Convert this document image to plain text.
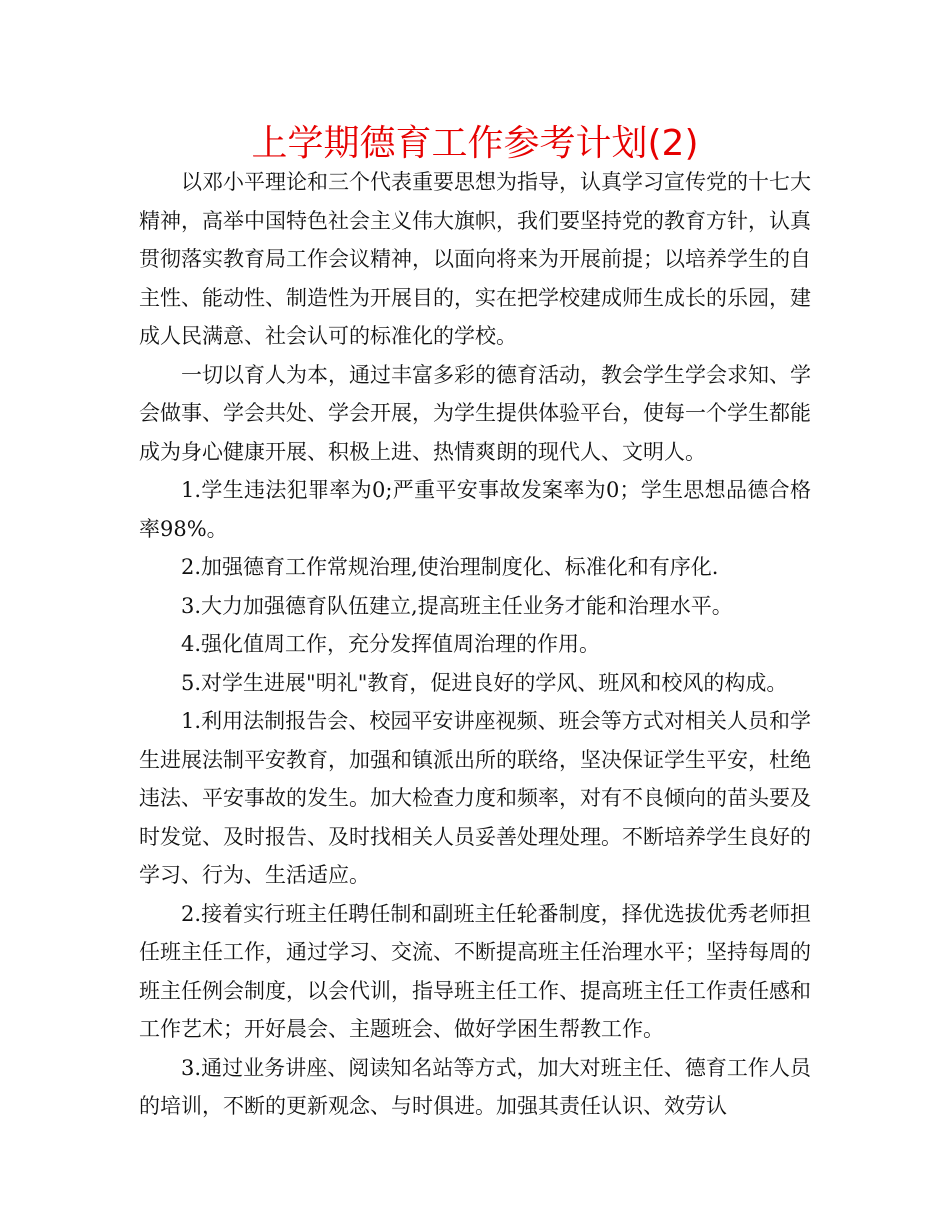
上学期德育工作参考计划(2)

以邓小平理论和三个代表重要思想为指导，认真学习宣传党的十七大精神，高举中国特色社会主义伟大旗帜，我们要坚持党的教育方针，认真贯彻落实教育局工作会议精神，以面向将来为开展前提；以培养学生的自主性、能动性、制造性为开展目的，实在把学校建成师生成长的乐园，建成人民满意、社会认可的标准化的学校。

一切以育人为本，通过丰富多彩的德育活动，教会学生学会求知、学会做事、学会共处、学会开展，为学生提供体验平台，使每一个学生都能成为身心健康开展、积极上进、热情爽朗的现代人、文明人。

1.学生违法犯罪率为0;严重平安事故发案率为0；学生思想品德合格率98%。

2.加强德育工作常规治理,使治理制度化、标准化和有序化.

3.大力加强德育队伍建立,提高班主任业务才能和治理水平。

4.强化值周工作，充分发挥值周治理的作用。

5.对学生进展"明礼"教育，促进良好的学风、班风和校风的构成。

1.利用法制报告会、校园平安讲座视频、班会等方式对相关人员和学生进展法制平安教育，加强和镇派出所的联络，坚决保证学生平安，杜绝违法、平安事故的发生。加大检查力度和频率，对有不良倾向的苗头要及时发觉、及时报告、及时找相关人员妥善处理处理。不断培养学生良好的学习、行为、生活适应。

2.接着实行班主任聘任制和副班主任轮番制度，择优选拔优秀老师担任班主任工作，通过学习、交流、不断提高班主任治理水平；坚持每周的班主任例会制度，以会代训，指导班主任工作、提高班主任工作责任感和工作艺术；开好晨会、主题班会、做好学困生帮教工作。

3.通过业务讲座、阅读知名站等方式，加大对班主任、德育工作人员的培训，不断的更新观念、与时俱进。加强其责任认识、效劳认
